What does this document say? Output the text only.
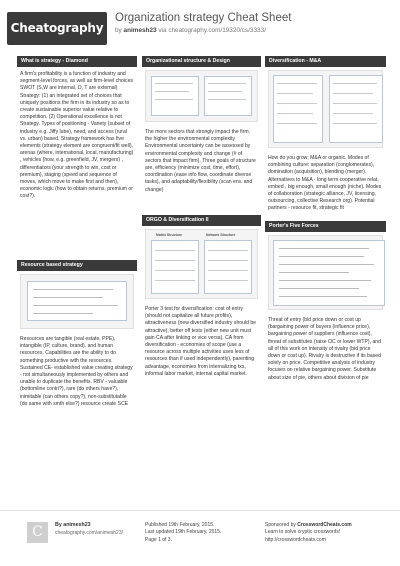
Cheatography
Organization strategy Cheat Sheet
by animesh23 via cheatography.com/19320/cs/3333/
What is strategy - Diamond

A firm's profitability is a function of industry and segment-level forces, as well as firm-level choices SWOT (S,W are internal, O, T are external) Strategy: (1) an integrated set of choices that uniquely positions the firm in its industry so as to create sustainable superior value relative to competition. (2) Operational excellence is not Strategy. Types of positioning - Variety (subset of industry e.g. Jiffy lube), need, and access (rural vs. urban) based. Strategy framework has five elements (strategy element are congruent/fit well), arenas (where, international, local, manufacturing) , vehicles (how, e.g. greenfield, JV, mergers) , differentiators (your strength to win, cost or premium), staging (speed and sequence of moves, which move to make first and then), economic logic (how to obtain returns, premium or cost?).

Resource based strategy

Resources are tangible (real estate, PPE), intangible (IP, culture, brand), and human resources. Capabilities are the ability to do something productive with the resources. Sustained CE- established value creating strategy - not simultaneously implemented by others and unable to duplicate the benefits. RBV - valuable (bottomline contri?), rare (do others have?), inimitable (can others copy?), non-substitutable (do same with smth else?) resource create SCE

Organizational structure & Design

The more sectors that strongly impact the firm, the higher the environmental complexity Environmental uncertainty can be assessed by environmental complexity and change (# of sectors that impact firm). Three goals of structure are, efficiency (minimize cost, time, effort), coordination (ease info flow, coordinate diverse tasks), and adaptability/flexibility (scan env. and change)

ORGO & Diversification II
Matrix Structure	Network Structure

Porter 3 test for diversification: cost of entry (should not capitalize all future profits), attractiveness (new diversified industry should be attractive), better off tests (either new unit must gain CA after linking or vice versa). CA from diversification - economies of scope (use a resource across multiple activities uses less of resources than if used independently), parenting advantage, economies from internalizing txs, informal labor market, internal capital market.

Diversification - M&A

How do you grow; M&A or organic. Modes of combining culture: separation (conglomerates), domination (acquisition), blending (merger). Alternatives to M&A - long term cooperative relat, embed , big enough, small enough (niche). Modes of collaboration (strategic alliance, JV, licensing, outsourcing, collective Research org). Potential partners - resource fit, strategic fit

Porter's Five Forces

Threat of entry (bid price down or cost up (bargaining power of buyers (influence price), bargaining power of suppliers (influence cost), threat of substitutes (raise OC or lower WTP), and all of this work on intensity of rivalry (bid price down or cost up). Rivalry is destructive if its based solely on price. Competitive analysis of industry focuses on relative bargaining power. Substitute about size of pie, others about division of pie

C	By animesh23
cheatography.com/animesh23/
Published 19th February, 2015.
Last updated 19th February, 2015.
Page 1 of 3.
Sponsored by CrosswordCheats.com
Learn to solve cryptic crosswords!
http://crosswordcheats.com
